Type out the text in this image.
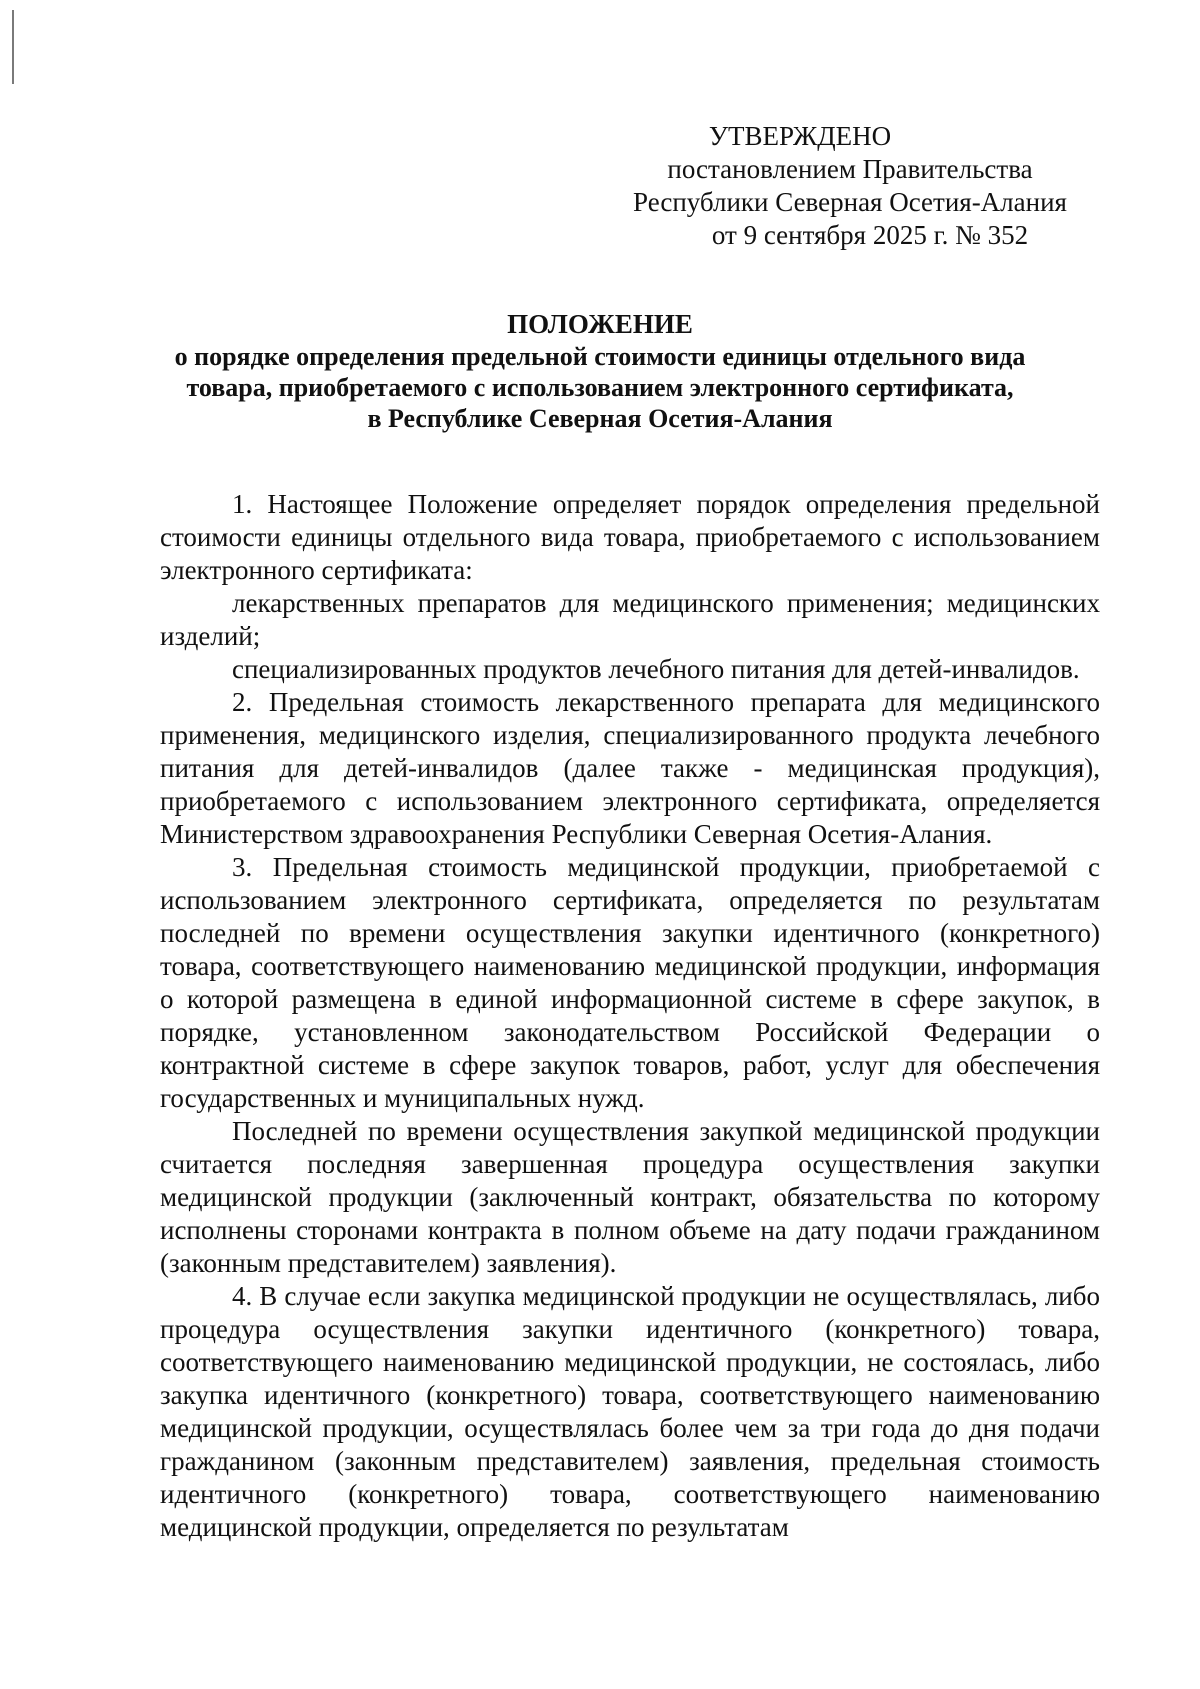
УТВЕРЖДЕНО
постановлением Правительства
Республики Северная Осетия-Алания
от 9 сентября 2025 г. № 352
ПОЛОЖЕНИЕ
о порядке определения предельной стоимости единицы отдельного вида
товара, приобретаемого с использованием электронного сертификата,
в Республике Северная Осетия-Алания

1. Настоящее Положение определяет порядок определения предельной стоимости единицы отдельного вида товара, приобретаемого с использованием электронного сертификата:

лекарственных препаратов для медицинского применения; медицинских изделий;

специализированных продуктов лечебного питания для детей-инвалидов.

2. Предельная стоимость лекарственного препарата для медицинского применения, медицинского изделия, специализированного продукта лечебного питания для детей-инвалидов (далее также - медицинская продукция), приобретаемого с использованием электронного сертификата, определяется Министерством здравоохранения Республики Северная Осетия-Алания.

3. Предельная стоимость медицинской продукции, приобретаемой с использованием электронного сертификата, определяется по результатам последней по времени осуществления закупки идентичного (конкретного) товара, соответствующего наименованию медицинской продукции, информация о которой размещена в единой информационной системе в сфере закупок, в порядке, установленном законодательством Российской Федерации о контрактной системе в сфере закупок товаров, работ, услуг для обеспечения государственных и муниципальных нужд.

Последней по времени осуществления закупкой медицинской продукции считается последняя завершенная процедура осуществления закупки медицинской продукции (заключенный контракт, обязательства по которому исполнены сторонами контракта в полном объеме на дату подачи гражданином (законным представителем) заявления).

4. В случае если закупка медицинской продукции не осуществлялась, либо процедура осуществления закупки идентичного (конкретного) товара, соответствующего наименованию медицинской продукции, не состоялась, либо закупка идентичного (конкретного) товара, соответствующего наименованию медицинской продукции, осуществлялась более чем за три года до дня подачи гражданином (законным представителем) заявления, предельная стоимость идентичного (конкретного) товара, соответствующего наименованию медицинской продукции, определяется по результатам
